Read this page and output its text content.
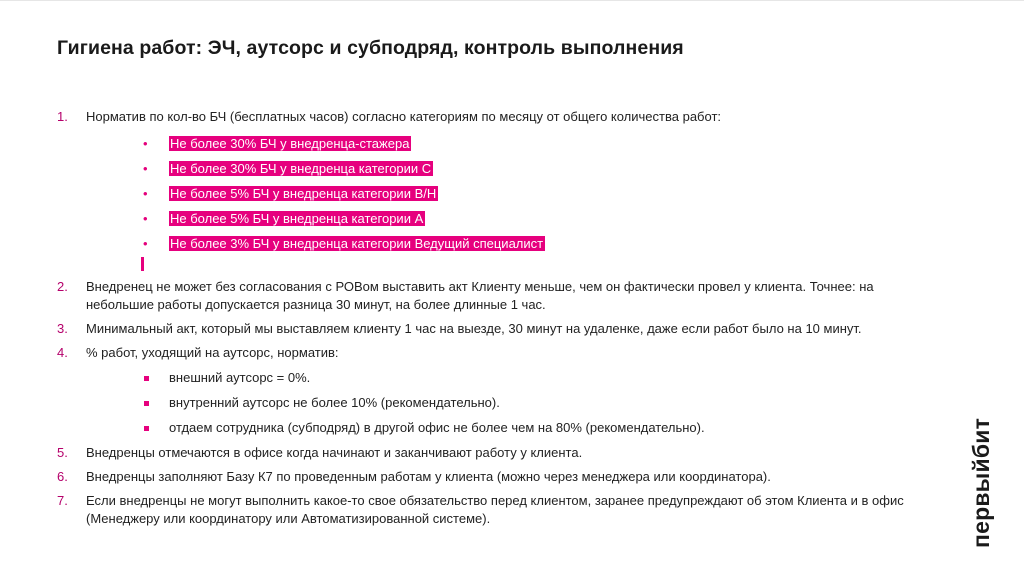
Гигиена работ: ЭЧ, аутсорс и субподряд, контроль выполнения
1. Норматив по кол-во БЧ (бесплатных часов) согласно категориям по месяцу от общего количества работ:
• Не более 30% БЧ у внедренца-стажера
• Не более 30% БЧ у внедренца категории С
• Не более 5% БЧ у внедренца категории В/Н
• Не более 5% БЧ у внедренца категории А
• Не более 3% БЧ у внедренца категории Ведущий специалист
2. Внедренец не может без согласования с РОВом выставить акт Клиенту меньше, чем он фактически провел у клиента. Точнее: на небольшие работы допускается разница 30 минут, на более длинные 1 час.
3. Минимальный акт, который мы выставляем клиенту 1 час на выезде, 30 минут на удаленке, даже если работ было на 10 минут.
4. % работ, уходящий на аутсорс, норматив:
внешний аутсорс = 0%.
внутренний аутсорс не более 10% (рекомендательно).
отдаем сотрудника (субподряд) в другой офис не более чем на 80% (рекомендательно).
5. Внедренцы отмечаются в офисе когда начинают и заканчивают работу у клиента.
6. Внедренцы заполняют Базу К7 по проведенным работам у клиента (можно через менеджера или координатора).
7. Если внедренцы не могут выполнить какое-то свое обязательство перед клиентом, заранее предупреждают об этом Клиента и в офис (Менеджеру или координатору или Автоматизированной системе).	первыйбит
